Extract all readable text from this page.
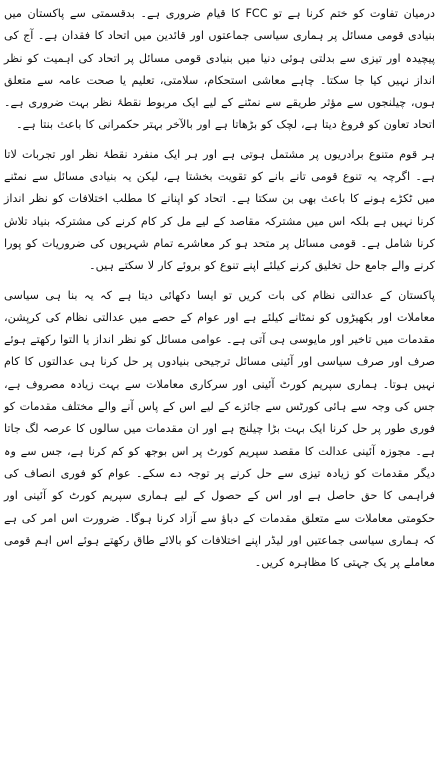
درمیان تفاوت کو ختم کرنا ہے تو FCC کا قیام ضروری ہے۔ بدقسمتی سے پاکستان میں بنیادی قومی مسائل پر ہماری سیاسی جماعتوں اور قائدین میں اتحاد کا فقدان ہے۔ آج کی پیچیدہ اور تیزی سے بدلتی ہوئی دنیا میں بنیادی قومی مسائل پر اتحاد کی اہمیت کو نظر انداز نہیں کیا جا سکتا۔ چاہے معاشی استحکام، سلامتی، تعلیم یا صحت عامہ سے متعلق ہوں، چیلنجوں سے مؤثر طریقے سے نمٹنے کے لیے ایک مربوط نقطۂ نظر بہت ضروری ہے۔ اتحاد تعاون کو فروغ دیتا ہے، لچک کو بڑھاتا ہے اور بالآخر بہتر حکمرانی کا باعث بنتا ہے۔

ہر قوم متنوع برادریوں پر مشتمل ہوتی ہے اور ہر ایک منفرد نقطۂ نظر اور تجربات لاتا ہے۔ اگرچہ یہ تنوع قومی تانے بانے کو تقویت بخشتا ہے، لیکن یہ بنیادی مسائل سے نمٹنے میں ٹکڑے ہونے کا باعث بھی بن سکتا ہے۔ اتحاد کو اپنانے کا مطلب اختلافات کو نظر انداز کرنا نہیں ہے بلکہ اس میں مشترکہ مقاصد کے لیے مل کر کام کرنے کی مشترکہ بنیاد تلاش کرنا شامل ہے۔ قومی مسائل پر متحد ہو کر معاشرے تمام شہریوں کی ضروریات کو پورا کرنے والے جامع حل تخلیق کرنے کیلئے اپنے تنوع کو بروئے کار لا سکتے ہیں۔

پاکستان کے عدالتی نظام کی بات کریں تو ایسا دکھائی دیتا ہے کہ یہ بنا ہی سیاسی معاملات اور بکھیڑوں کو نمٹانے کیلئے ہے اور عوام کے حصے میں عدالتی نظام کی کرپشن، مقدمات میں تاخیر اور مایوسی ہی آتی ہے۔ عوامی مسائل کو نظر انداز یا التوا رکھتے ہوئے صرف اور صرف سیاسی اور آئینی مسائل ترجیحی بنیادوں پر حل کرنا ہی عدالتوں کا کام نہیں ہوتا۔ ہماری سپریم کورٹ آئینی اور سرکاری معاملات سے بہت زیادہ مصروف ہے، جس کی وجہ سے ہائی کورٹس سے جائزے کے لیے اس کے پاس آنے والے مختلف مقدمات کو فوری طور پر حل کرنا ایک بہت بڑا چیلنج ہے اور ان مقدمات میں سالوں کا عرصہ لگ جاتا ہے۔ مجوزہ آئینی عدالت کا مقصد سپریم کورٹ پر اس بوجھ کو کم کرنا ہے، جس سے وہ دیگر مقدمات کو زیادہ تیزی سے حل کرنے پر توجہ دے سکے۔ عوام کو فوری انصاف کی فراہمی کا حق حاصل ہے اور اس کے حصول کے لیے ہماری سپریم کورٹ کو آئینی اور حکومتی معاملات سے متعلق مقدمات کے دباؤ سے آزاد کرنا ہوگا۔ ضرورت اس امر کی ہے کہ ہماری سیاسی جماعتیں اور لیڈر اپنے اختلافات کو بالائے طاق رکھتے ہوئے اس اہم قومی معاملے پر یک جہتی کا مظاہرہ کریں۔
